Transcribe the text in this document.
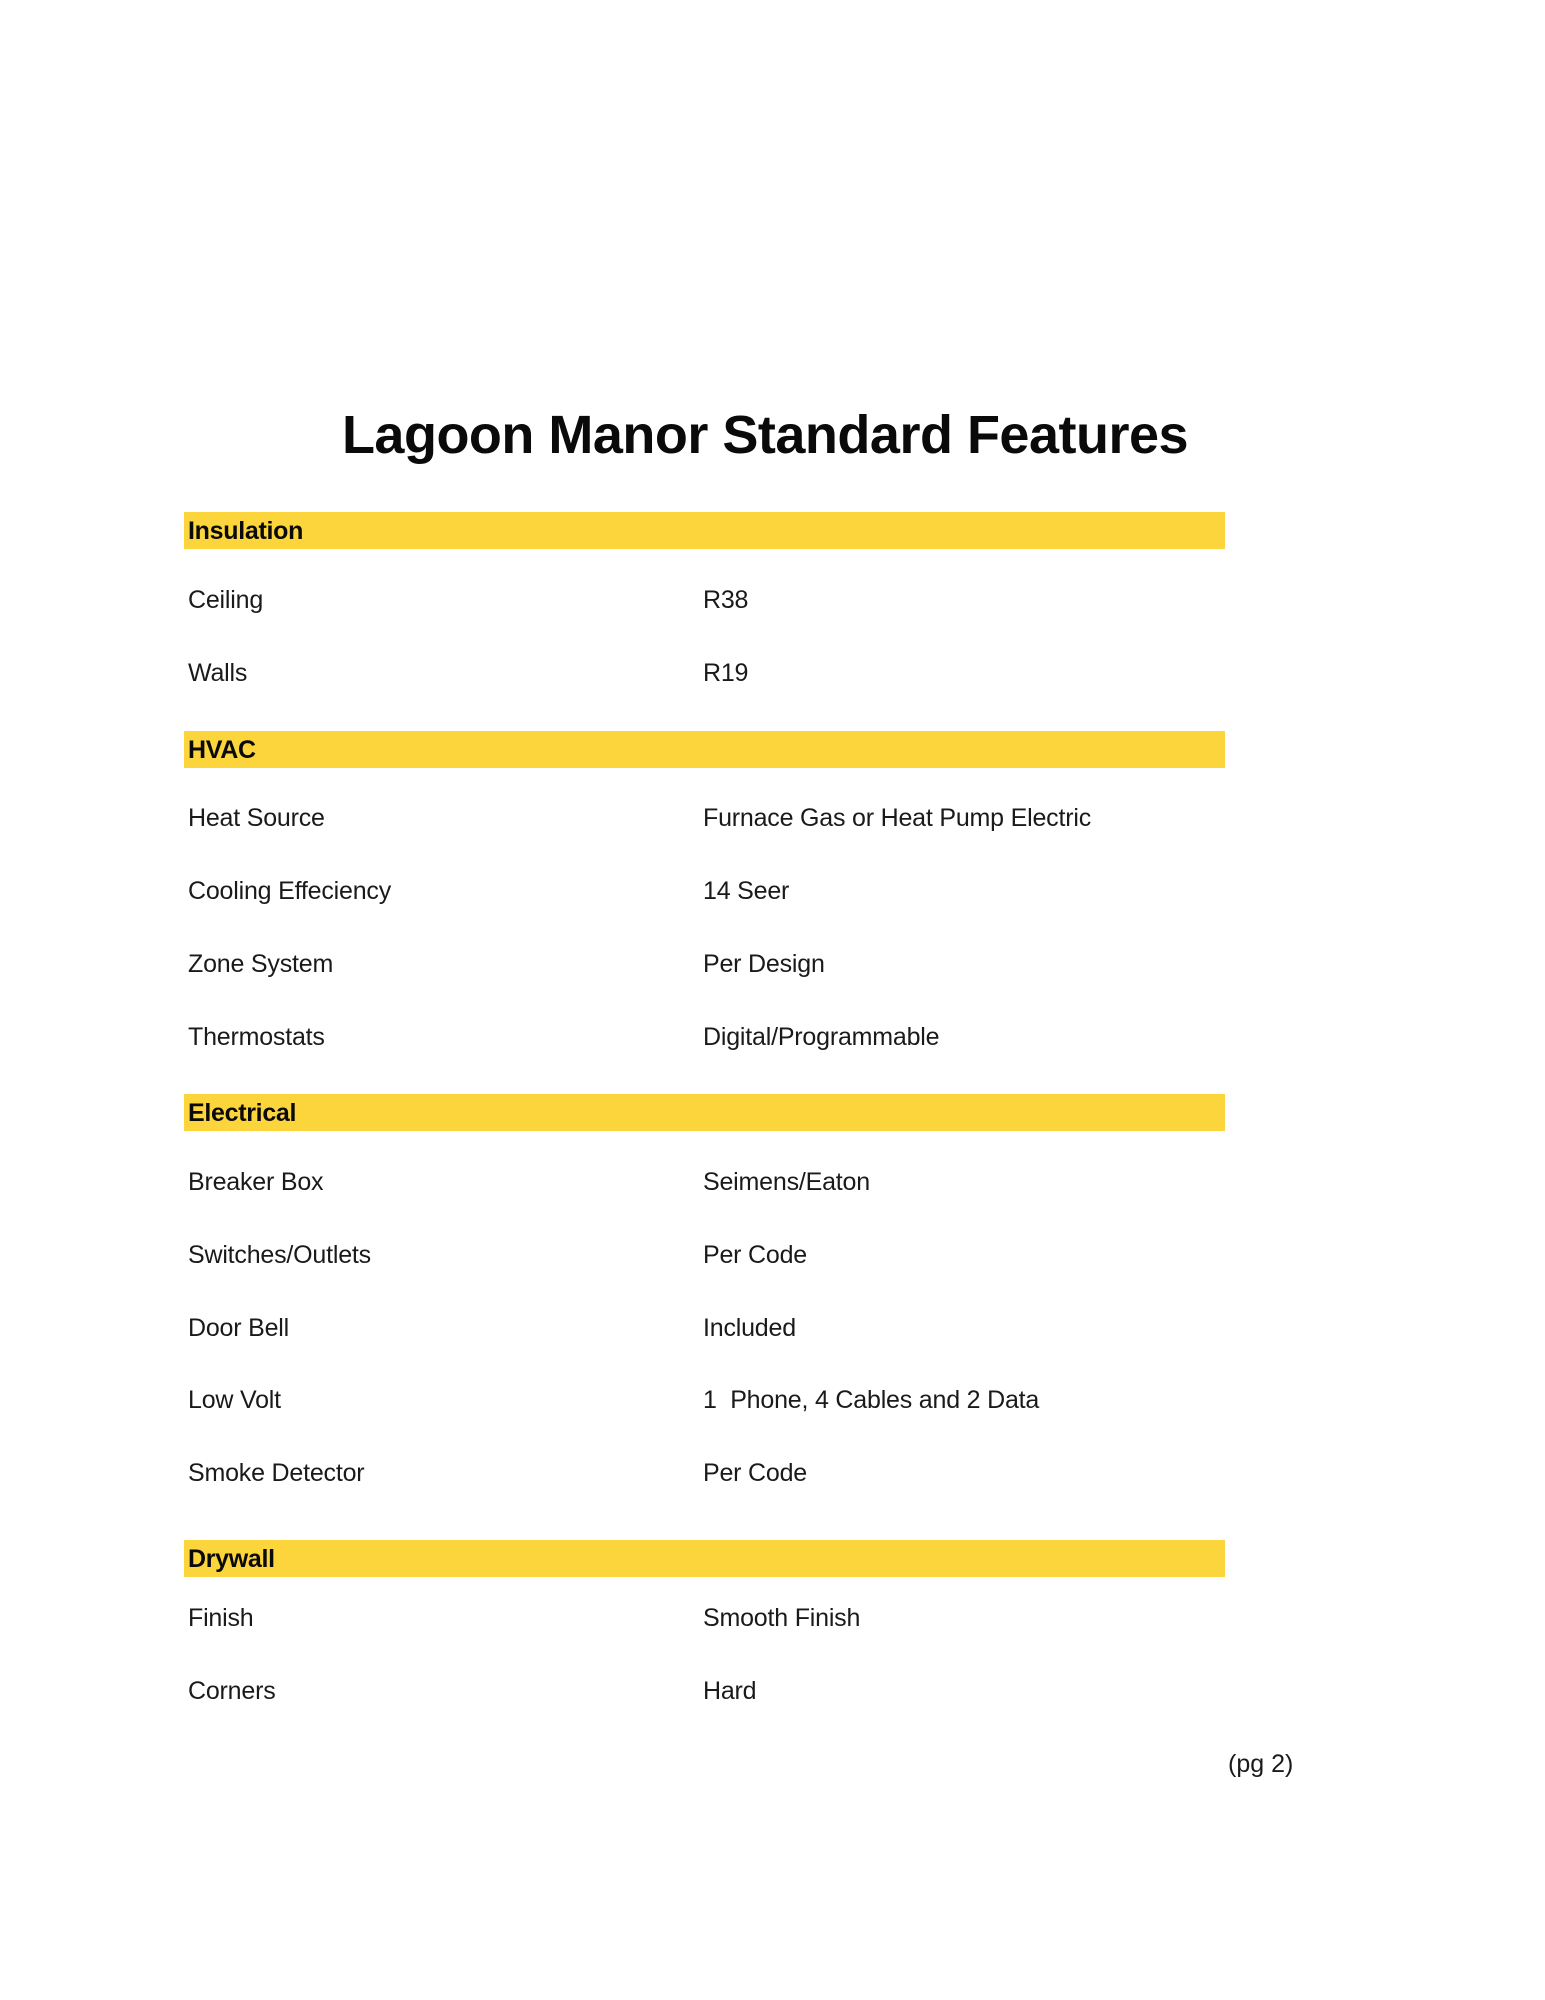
Lagoon Manor Standard Features
Insulation
Ceiling	R38
Walls	R19
HVAC
Heat Source	Furnace Gas or Heat Pump Electric
Cooling Effeciency	14 Seer
Zone System	Per Design
Thermostats	Digital/Programmable
Electrical
Breaker Box	Seimens/Eaton
Switches/Outlets	Per Code
Door Bell	Included
Low Volt	1  Phone, 4 Cables and 2 Data
Smoke Detector	Per Code
Drywall
Finish	Smooth Finish
Corners	Hard
(pg 2)
